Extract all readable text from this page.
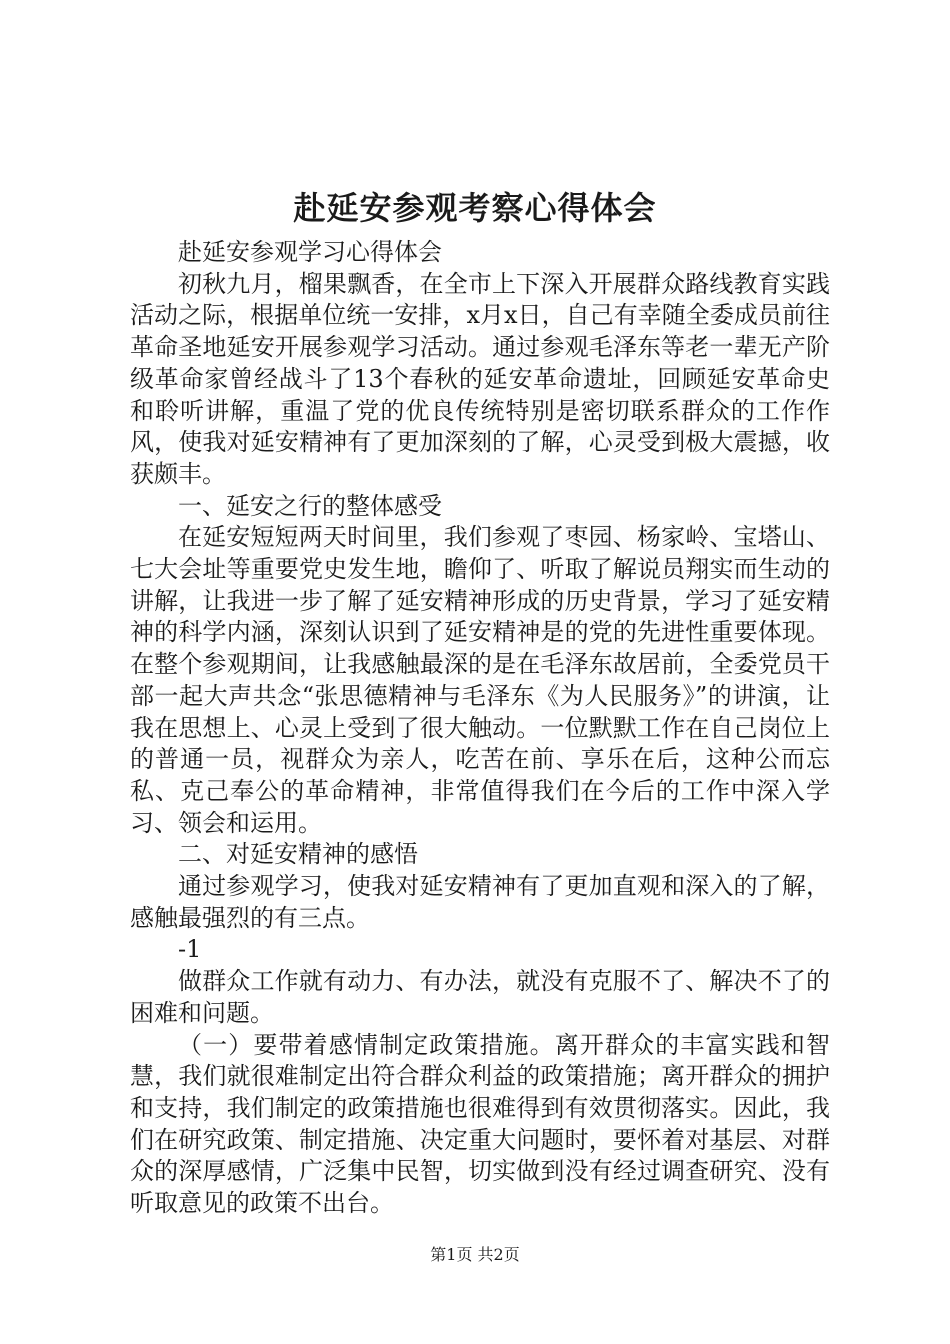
赴延安参观考察心得体会

赴延安参观学习心得体会

初秋九月，榴果飘香，在全市上下深入开展群众路线教育实践活动之际，根据单位统一安排，x月x日，自己有幸随全委成员前往革命圣地延安开展参观学习活动。通过参观毛泽东等老一辈无产阶级革命家曾经战斗了13个春秋的延安革命遗址，回顾延安革命史和聆听讲解，重温了党的优良传统特别是密切联系群众的工作作风，使我对延安精神有了更加深刻的了解，心灵受到极大震撼，收获颇丰。

一、延安之行的整体感受

在延安短短两天时间里，我们参观了枣园、杨家岭、宝塔山、七大会址等重要党史发生地，瞻仰了、听取了解说员翔实而生动的讲解，让我进一步了解了延安精神形成的历史背景，学习了延安精神的科学内涵，深刻认识到了延安精神是的党的先进性重要体现。在整个参观期间，让我感触最深的是在毛泽东故居前，全委党员干部一起大声共念“张思德精神与毛泽东《为人民服务》”的讲演，让我在思想上、心灵上受到了很大触动。一位默默工作在自己岗位上的普通一员，视群众为亲人，吃苦在前、享乐在后，这种公而忘私、克己奉公的革命精神，非常值得我们在今后的工作中深入学习、领会和运用。

二、对延安精神的感悟

通过参观学习，使我对延安精神有了更加直观和深入的了解，感触最强烈的有三点。

-1

做群众工作就有动力、有办法，就没有克服不了、解决不了的困难和问题。

（一）要带着感情制定政策措施。离开群众的丰富实践和智慧，我们就很难制定出符合群众利益的政策措施；离开群众的拥护和支持，我们制定的政策措施也很难得到有效贯彻落实。因此，我们在研究政策、制定措施、决定重大问题时，要怀着对基层、对群众的深厚感情，广泛集中民智，切实做到没有经过调查研究、没有听取意见的政策不出台。

第1页 共2页
